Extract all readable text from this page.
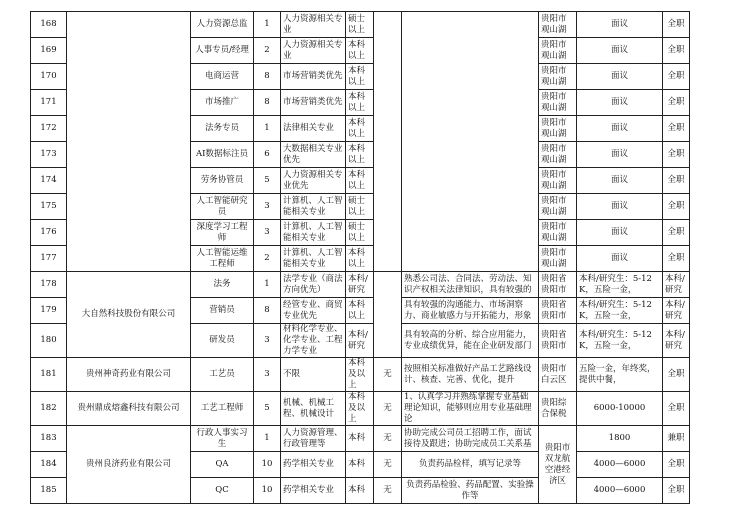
168		人力资源总监	1	人力资源相关专业	硕士以上			贵阳市观山湖	面议	全职
169		人事专员/经理	2	人力资源相关专业	本科以上			贵阳市观山湖	面议	全职
170		电商运营	8	市场营销类优先	本科以上			贵阳市观山湖	面议	全职
171		市场推广	8	市场营销类优先	本科以上			贵阳市观山湖	面议	全职
172		法务专员	1	法律相关专业	本科以上			贵阳市观山湖	面议	全职
173		AI数据标注员	6	大数据相关专业优先	本科以上			贵阳市观山湖	面议	全职
174		劳务协管员	5	人力资源相关专业优先	本科以上			贵阳市观山湖	面议	全职
175		人工智能研究员	3	计算机、人工智能相关专业	硕士以上			贵阳市观山湖	面议	全职
176		深度学习工程师	3	计算机、人工智能相关专业	硕士以上			贵阳市观山湖	面议	全职
177		人工智能运维工程师	2	计算机、人工智能相关专业	本科以上			贵阳市观山湖	面议	全职
178	大自然科技股份有限公司	法务	1	法学专业（商法方向优先）	本科/研究		熟悉公司法、合同法、劳动法、知识产权相关法律知识，具有较强的	贵阳省贵阳市	本科/研究生：5-12K，五险一金，	本科/研究
179		营销员	8	经管专业、商贸专业优先	本科以上		具有较强的沟通能力、市场洞察力、商业敏感力与开拓能力，形象	贵阳省贵阳市	本科/研究生：5-12K，五险一金，	本科/研究
180		研发员	3	材料化学专业、化学专业、工程力学专业	本科/研究		具有较高的分析、综合应用能力，专业成绩优异，能在企业研发部门	贵阳省贵阳市	本科/研究生：5-12K，五险一金，	本科/研究
181	贵州神奇药业有限公司	工艺员	3	不限	本科及以上	无	按照相关标准做好产品工艺路线设计、核查、完善、优化，提升	贵阳市白云区	五险一金，年终奖，提供中餐，	全职
182	贵州鼎成熔鑫科技有限公司	工艺工程师	5	机械、机械工程、机械设计	本科及以上	无	1、认真学习并熟练掌握专业基础理论知识，能够则应用专业基础理论	贵阳综合保税	6000-10000	全职
183	贵州良济药业有限公司	行政人事实习生	1	人力资源管理、行政管理等	本科	无	协助完成公司员工招聘工作，面试接待及跟进；协助完成员工关系基	贵阳市双龙航空港经济区	1800	兼职
184		QA	10	药学相关专业	本科	无	负责药品检样，填写记录等		4000—6000	全职
185		QC	10	药学相关专业	本科	无	负责药品检验、药品配置、实验操作等		4000—6000	全职
